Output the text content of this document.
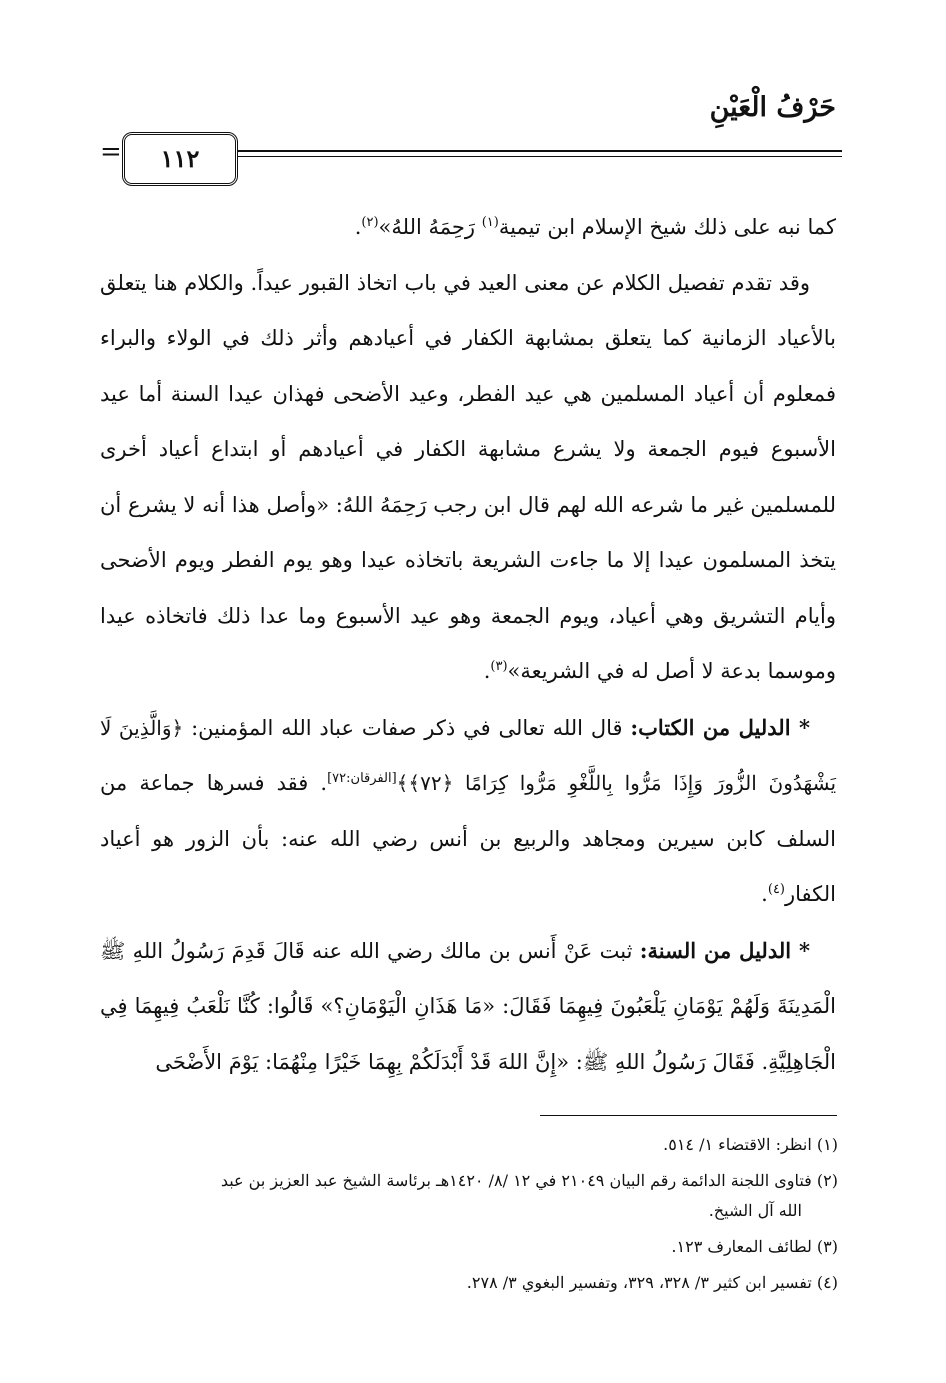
حَرْفُ الْعَيْنِ
=	١١٢

كما نبه على ذلك شيخ الإسلام ابن تيمية$^{(١)}$ رَحِمَهُ اللهُ»$^{(٢)}$.

وقد تقدم تفصيل الكلام عن معنى العيد في باب اتخاذ القبور عيداً. والكلام هنا يتعلق بالأعياد الزمانية كما يتعلق بمشابهة الكفار في أعيادهم وأثر ذلك في الولاء والبراء فمعلوم أن أعياد المسلمين هي عيد الفطر، وعيد الأضحى فهذان عيدا السنة أما عيد الأسبوع فيوم الجمعة ولا يشرع مشابهة الكفار في أعيادهم أو ابتداع أعياد أخرى للمسلمين غير ما شرعه الله لهم قال ابن رجب رَحِمَهُ اللهُ: «وأصل هذا أنه لا يشرع أن يتخذ المسلمون عيدا إلا ما جاءت الشريعة باتخاذه عيدا وهو يوم الفطر ويوم الأضحى وأيام التشريق وهي أعياد، ويوم الجمعة وهو عيد الأسبوع وما عدا ذلك فاتخاذه عيدا وموسما بدعة لا أصل له في الشريعة»$^{(٣)}$.

* الدليل من الكتاب: قال الله تعالى في ذكر صفات عباد الله المؤمنين: ﴿وَالَّذِينَ لَا يَشْهَدُونَ الزُّورَ وَإِذَا مَرُّوا بِاللَّغْوِ مَرُّوا كِرَامًا ﴿٧٢﴾﴾[الفرقان:٧٢]. فقد فسرها جماعة من السلف كابن سيرين ومجاهد والربيع بن أنس رضي الله عنه: بأن الزور هو أعياد الكفار$^{(٤)}$.

* الدليل من السنة: ثبت عَنْ أَنس بن مالك رضي الله عنه قَالَ قَدِمَ رَسُولُ اللهِ ﷺ الْمَدِينَةَ وَلَهُمْ يَوْمَانِ يَلْعَبُونَ فِيهِمَا فَقَالَ: «مَا هَذَانِ الْيَوْمَانِ؟» قَالُوا: كُنَّا نَلْعَبُ فِيهِمَا فِي الْجَاهِلِيَّةِ. فَقَالَ رَسُولُ اللهِ ﷺ: «إِنَّ اللهَ قَدْ أَبْدَلَكُمْ بِهِمَا خَيْرًا مِنْهُمَا: يَوْمَ الأَضْحَى

(١) انظر: الاقتضاء ١/ ٥١٤.

(٢) فتاوى اللجنة الدائمة رقم البيان ٢١٠٤٩ في ١٢ /٨/ ١٤٢٠هـ برئاسة الشيخ عبد العزيز بن عبد
الله آل الشيخ.

(٣) لطائف المعارف ١٢٣.

(٤) تفسير ابن كثير ٣/ ٣٢٨، ٣٢٩، وتفسير البغوي ٣/ ٢٧٨.
